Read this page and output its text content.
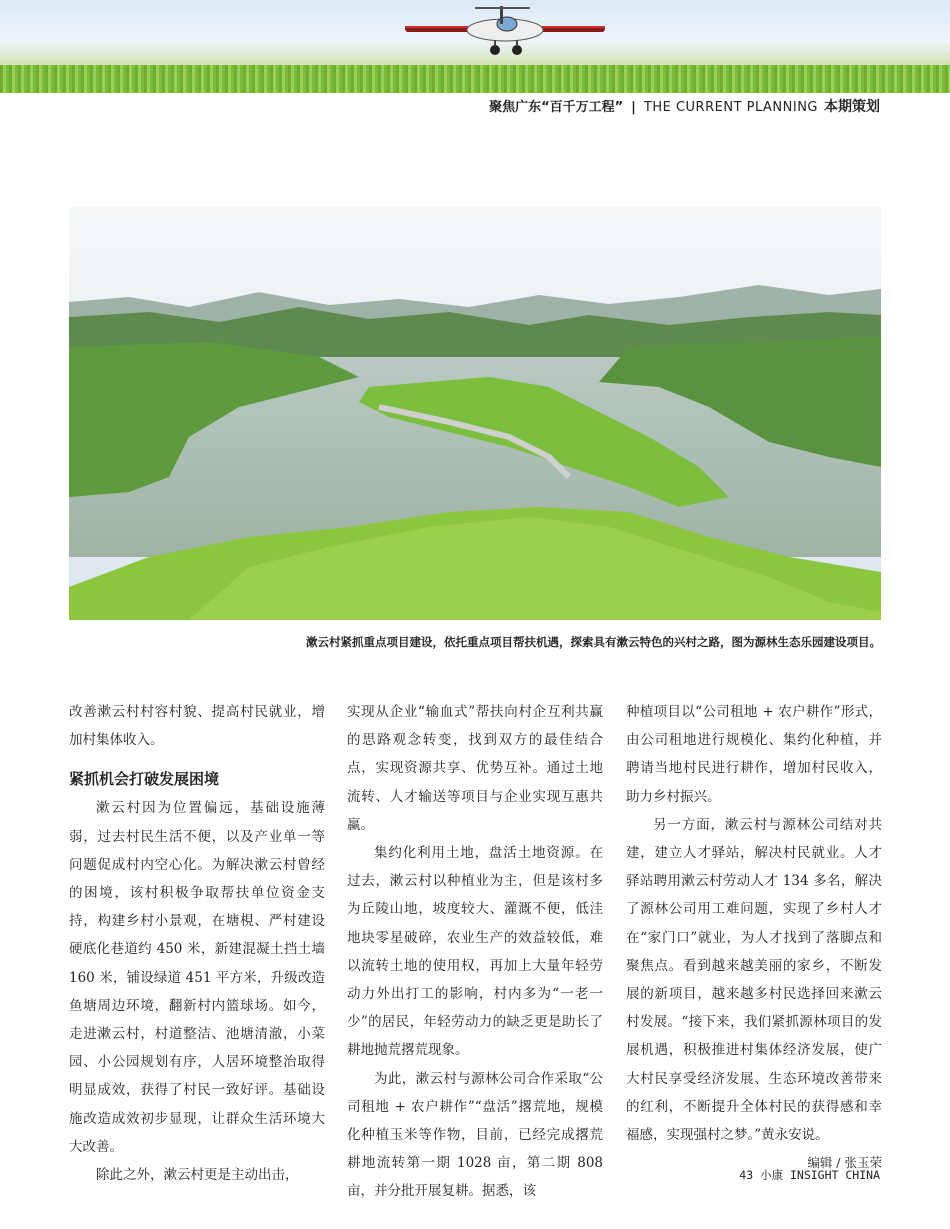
聚焦广东“百千万工程” | THE CURRENT PLANNING 本期策划
漱云村紧抓重点项目建设，依托重点项目帮扶机遇，探索具有漱云特色的兴村之路，图为源林生态乐园建设项目。

改善漱云村村容村貌、提高村民就业，增加村集体收入。

紧抓机会打破发展困境

漱云村因为位置偏远，基础设施薄弱，过去村民生活不便，以及产业单一等问题促成村内空心化。为解决漱云村曾经的困境，该村积极争取帮扶单位资金支持，构建乡村小景观，在塘梘、严村建设硬底化巷道约 450 米，新建混凝土挡土墙 160 米，铺设绿道 451 平方米，升级改造鱼塘周边环境，翻新村内篮球场。如今，走进漱云村，村道整洁、池塘清澈，小菜园、小公园规划有序，人居环境整治取得明显成效，获得了村民一致好评。基础设施改造成效初步显现，让群众生活环境大大改善。

除此之外，漱云村更是主动出击，

实现从企业“输血式”帮扶向村企互利共赢的思路观念转变，找到双方的最佳结合点，实现资源共享、优势互补。通过土地流转、人才输送等项目与企业实现互惠共赢。

集约化利用土地，盘活土地资源。在过去，漱云村以种植业为主，但是该村多为丘陵山地，坡度较大、灌溉不便，低洼地块零星破碎，农业生产的效益较低，难以流转土地的使用权，再加上大量年轻劳动力外出打工的影响，村内多为“一老一少”的居民，年轻劳动力的缺乏更是助长了耕地抛荒撂荒现象。

为此，漱云村与源林公司合作采取“公司租地 + 农户耕作”“盘活”撂荒地，规模化种植玉米等作物，目前，已经完成撂荒耕地流转第一期 1028 亩，第二期 808 亩，并分批开展复耕。据悉，该

种植项目以“公司租地 + 农户耕作”形式，由公司租地进行规模化、集约化种植，并聘请当地村民进行耕作，增加村民收入，助力乡村振兴。

另一方面，漱云村与源林公司结对共建，建立人才驿站，解决村民就业。人才驿站聘用漱云村劳动人才 134 多名，解决了源林公司用工难问题，实现了乡村人才在“家门口”就业，为人才找到了落脚点和聚焦点。看到越来越美丽的家乡，不断发展的新项目，越来越多村民选择回来漱云村发展。“接下来，我们紧抓源林项目的发展机遇，积极推进村集体经济发展，使广大村民享受经济发展、生态环境改善带来的红利，不断提升全体村民的获得感和幸福感，实现强村之梦。”黄永安说。

编辑 / 张玉荣

43 小康 INSIGHT CHINA
